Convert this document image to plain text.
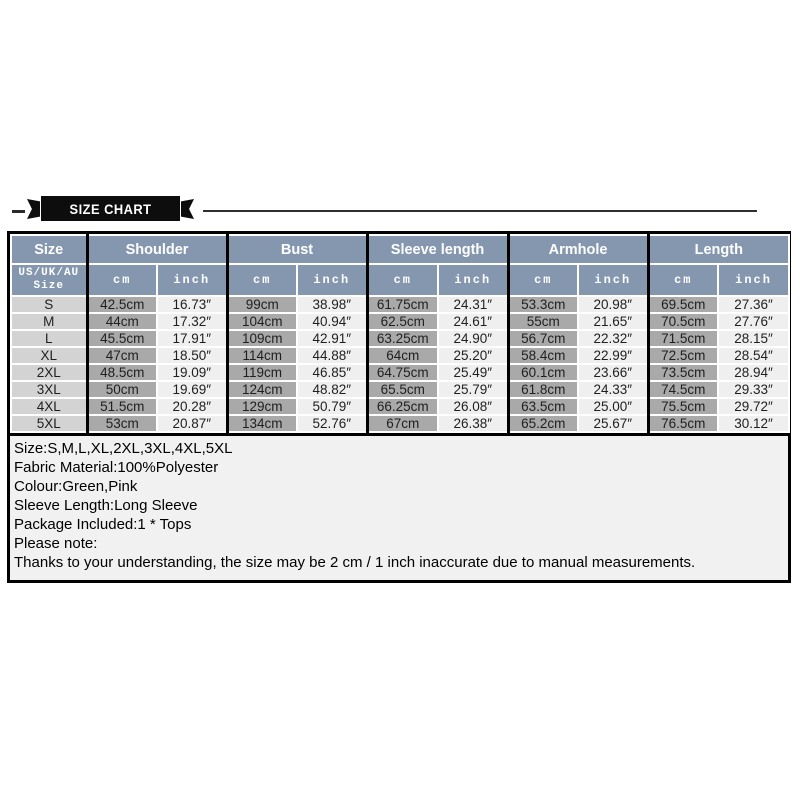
SIZE CHART
Size	Shoulder		Bust		Sleeve length		Armhole		Length	

US/UK/AU
Size	cm	inch	cm	inch	cm	inch	cm	inch	cm	inch
S	42.5cm	16.73″	99cm	38.98″	61.75cm	24.31″	53.3cm	20.98″	69.5cm	27.36″
M	44cm	17.32″	104cm	40.94″	62.5cm	24.61″	55cm	21.65″	70.5cm	27.76″
L	45.5cm	17.91″	109cm	42.91″	63.25cm	24.90″	56.7cm	22.32″	71.5cm	28.15″
XL	47cm	18.50″	114cm	44.88″	64cm	25.20″	58.4cm	22.99″	72.5cm	28.54″
2XL	48.5cm	19.09″	119cm	46.85″	64.75cm	25.49″	60.1cm	23.66″	73.5cm	28.94″
3XL	50cm	19.69″	124cm	48.82″	65.5cm	25.79″	61.8cm	24.33″	74.5cm	29.33″
4XL	51.5cm	20.28″	129cm	50.79″	66.25cm	26.08″	63.5cm	25.00″	75.5cm	29.72″
5XL	53cm	20.87″	134cm	52.76″	67cm	26.38″	65.2cm	25.67″	76.5cm	30.12″
Size:S,M,L,XL,2XL,3XL,4XL,5XL
Fabric Material:100%Polyester
Colour:Green,Pink
Sleeve Length:Long Sleeve
Package Included:1 * Tops
Please note:
Thanks to your understanding, the size may be 2 cm / 1 inch inaccurate due to manual measurements.
